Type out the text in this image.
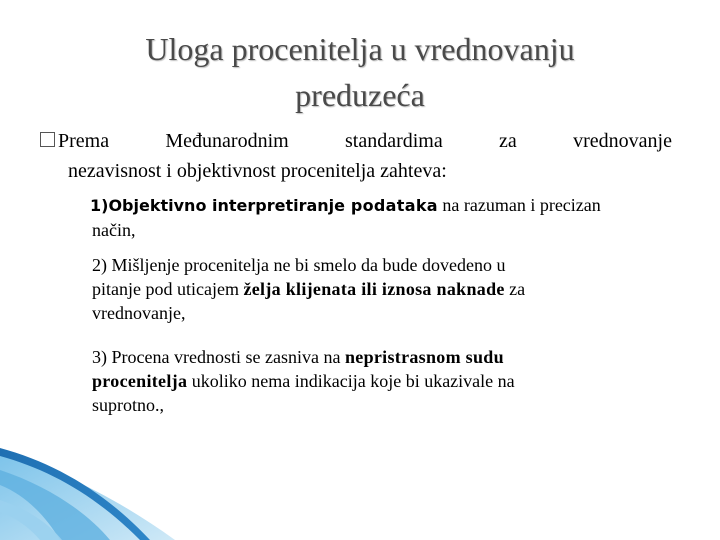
Uloga procenitelja u vrednovanju
preduzeća
Prema	Međunarodnim	standardima	za	vrednovanje
nezavisnost i objektivnost procenitelja zahteva:
1)Objektivno interpretiranje podataka na razuman i precizan
način,
2) Mišljenje procenitelja ne bi smelo da bude dovedeno u
pitanje pod uticajem želja klijenata ili iznosa naknade za
vrednovanje,
3) Procena vrednosti se zasniva na nepristrasnom sudu
procenitelja ukoliko nema indikacija koje bi ukazivale na
suprotno.,
